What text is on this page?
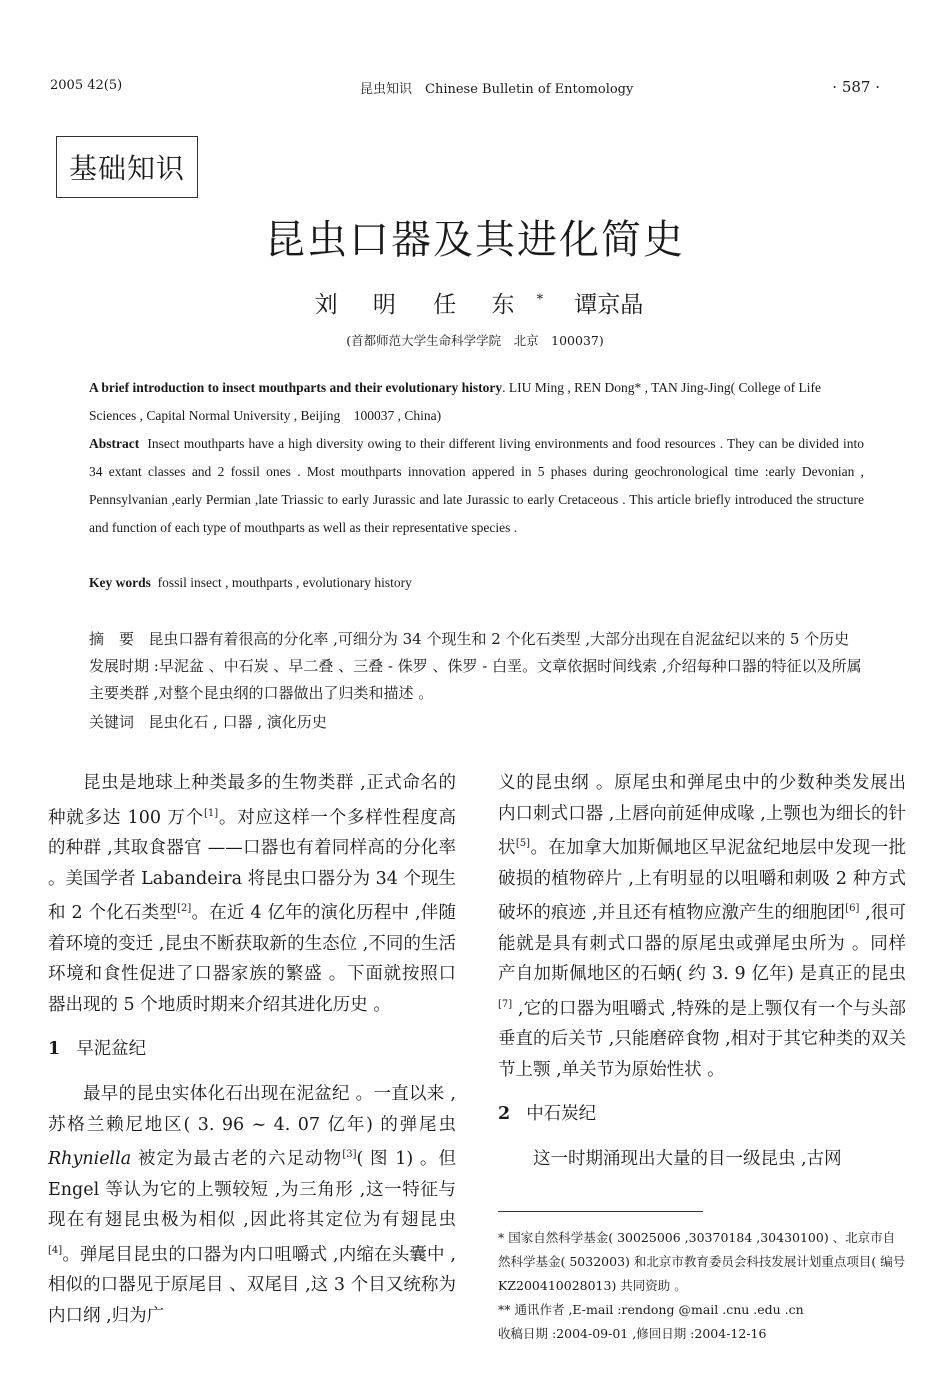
2005 42(5)	昆虫知识　Chinese Bulletin of Entomology	· 587 ·
基础知识
昆虫口器及其进化简史
刘 明 任 东 * 谭京晶
(首都师范大学生命科学学院　北京　100037)
A brief introduction to insect mouthparts and their evolutionary history. LIU Ming , REN Dong* , TAN Jing-Jing( College of Life Sciences , Capital Normal University , Beijing　100037 , China)
Abstract Insect mouthparts have a high diversity owing to their different living environments and food resources . They can be divided into 34 extant classes and 2 fossil ones . Most mouthparts innovation appered in 5 phases during geochronological time :early Devonian , Pennsylvanian ,early Permian ,late Triassic to early Jurassic and late Jurassic to early Cretaceous . This article briefly introduced the structure and function of each type of mouthparts as well as their representative species .
Key words fossil insect , mouthparts , evolutionary history
摘　要 昆虫口器有着很高的分化率 ,可细分为 34 个现生和 2 个化石类型 ,大部分出现在自泥盆纪以来的 5 个历史发展时期 :早泥盆 、中石炭 、早二叠 、三叠 - 侏罗 、侏罗 - 白垩。文章依据时间线索 ,介绍每种口器的特征以及所属主要类群 ,对整个昆虫纲的口器做出了归类和描述 。
关键词 昆虫化石 , 口器 , 演化历史

昆虫是地球上种类最多的生物类群 ,正式命名的种就多达 100 万个[1]。对应这样一个多样性程度高的种群 ,其取食器官 ——口器也有着同样高的分化率 。美国学者 Labandeira 将昆虫口器分为 34 个现生和 2 个化石类型[2]。在近 4 亿年的演化历程中 ,伴随着环境的变迁 ,昆虫不断获取新的生态位 ,不同的生活环境和食性促进了口器家族的繁盛 。下面就按照口器出现的 5 个地质时期来介绍其进化历史 。

1 早泥盆纪

最早的昆虫实体化石出现在泥盆纪 。一直以来 ,苏格兰赖尼地区( 3. 96 ~ 4. 07 亿年) 的弹尾虫 Rhyniella 被定为最古老的六足动物[3]( 图 1) 。但 Engel 等认为它的上颚较短 ,为三角形 ,这一特征与现在有翅昆虫极为相似 ,因此将其定位为有翅昆虫[4]。弹尾目昆虫的口器为内口咀嚼式 ,内缩在头囊中 ,相似的口器见于原尾目 、双尾目 ,这 3 个目又统称为内口纲 ,归为广

义的昆虫纲 。原尾虫和弹尾虫中的少数种类发展出内口刺式口器 ,上唇向前延伸成喙 ,上颚也为细长的针状[5]。在加拿大加斯佩地区早泥盆纪地层中发现一批破损的植物碎片 ,上有明显的以咀嚼和刺吸 2 种方式破坏的痕迹 ,并且还有植物应激产生的细胞团[6] ,很可能就是具有刺式口器的原尾虫或弹尾虫所为 。同样产自加斯佩地区的石蛃( 约 3. 9 亿年) 是真正的昆虫[7] ,它的口器为咀嚼式 ,特殊的是上颚仅有一个与头部垂直的后关节 ,只能磨碎食物 ,相对于其它种类的双关节上颚 ,单关节为原始性状 。

2 中石炭纪

这一时期涌现出大量的目一级昆虫 ,古网

* 国家自然科学基金( 30025006 ,30370184 ,30430100) 、北京市自然科学基金( 5032003) 和北京市教育委员会科技发展计划重点项目( 编号 KZ200410028013) 共同资助 。
** 通讯作者 ,E-mail :rendong @mail .cnu .edu .cn
收稿日期 :2004-09-01 ,修回日期 :2004-12-16
